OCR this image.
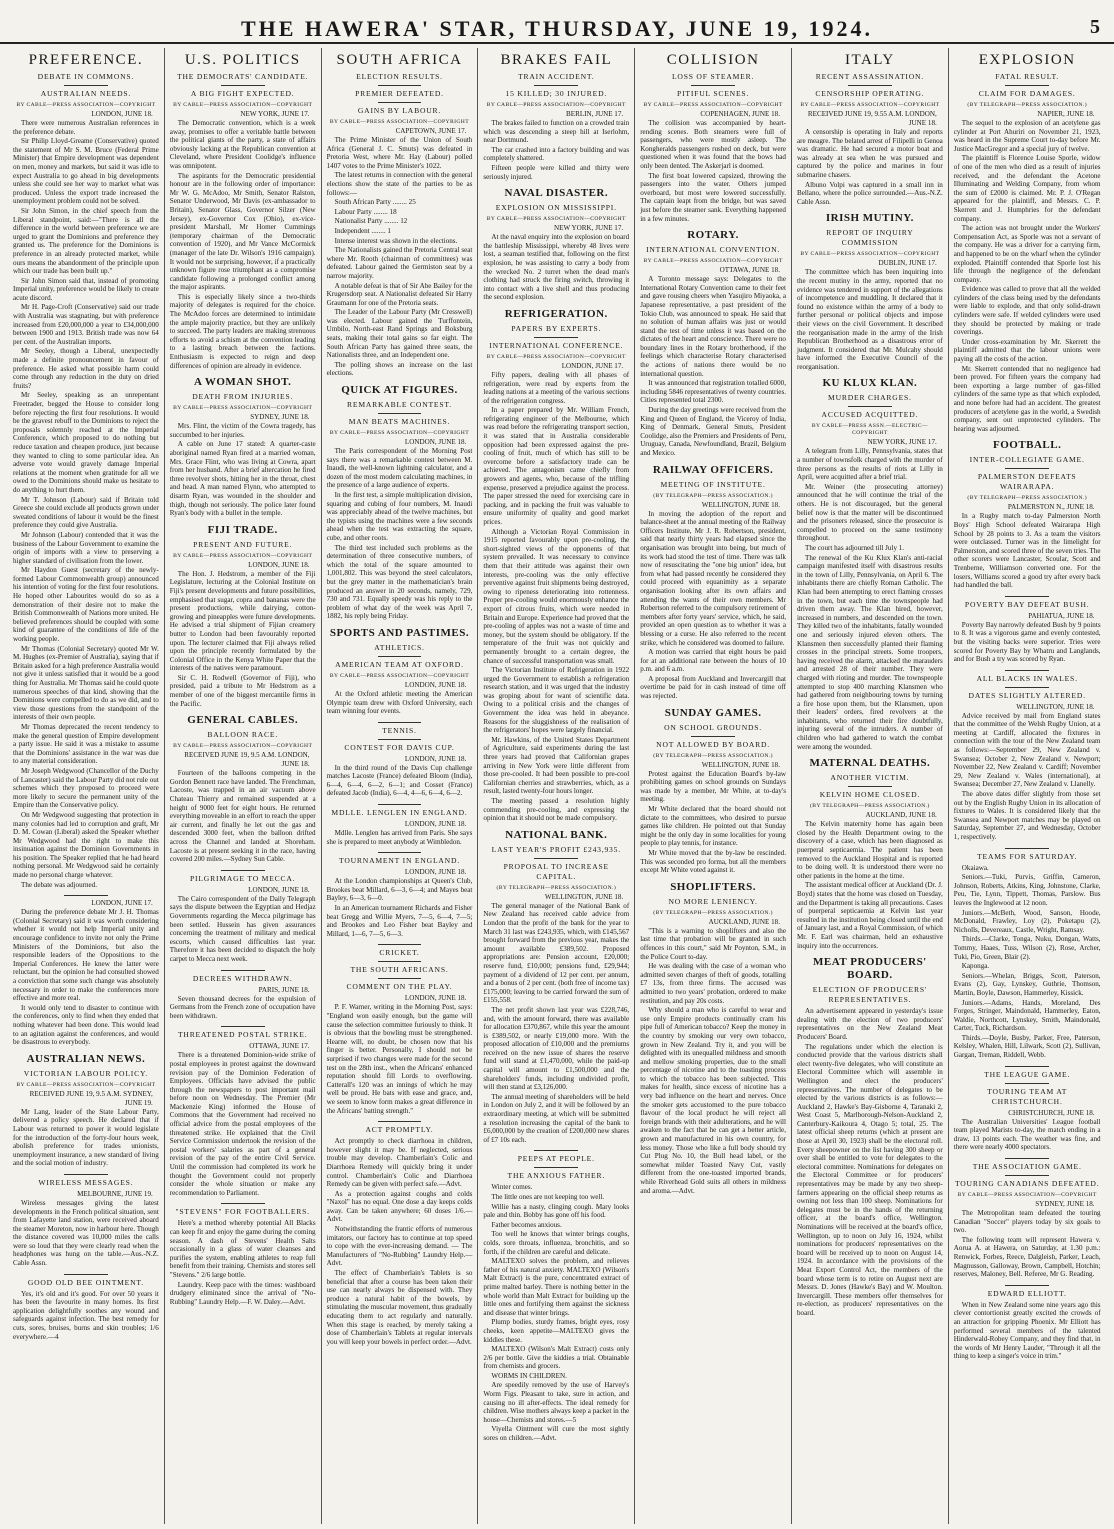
THE HAWERA' STAR, THURSDAY, JUNE 19, 1924.	5
PREFERENCE.
DEBATE IN COMMONS.
AUSTRALIAN NEEDS.
BY CABLE—PRESS ASSOCIATION—COPYRIGHT
LONDON, JUNE 18.

There were numerous Australian references in the preference debate.

Sir Philip Lloyd-Greame (Conservative) quoted the statement of Mr S. M. Bruce (Federal Prime Minister) that Empire development was dependent on men, money and markets, but said it was idle to expect Australia to go ahead in big developments unless she could see her way to market what was produced. Unless the export trade increased the unemployment problem could not be solved.

Sir John Simon, in the chief speech from the Liberal standpoint, said:—"There is all the difference in the world between preference we are urged to grant the Dominions and preference they granted us. The preference for the Dominions is preference in an already protected market, while ours means the abandonment of the principle upon which our trade has been built up."

Sir John Simon said that, instead of promoting Imperial unity, preference would be likely to create acute discord.

Mr H. Page-Croft (Conservative) said our trade with Australia was stagnating, but with preference increased from £20,000,000 a year to £34,000,000 between 1900 and 1913. British trade was now 64 per cent. of the Australian imports.

Mr Seeley, though a Liberal, unexpectedly made a definite pronouncement in favour of preference. He asked what possible harm could come through any reduction in the duty on dried fruits?

Mr Seeley, speaking as an unrepentant Freetrader, begged the House to consider long before rejecting the first four resolutions. It would be the gravest rebuff to the Dominions to reject the proposals solemnly reached at the Imperial Conference, which proposed to do nothing but reduce taxation and cheapen produce, just because they wanted to cling to some particular idea. An adverse vote would gravely damage Imperial relations at the moment when gratitude for all we owed to the Dominions should make us hesitate to do anything to hurt them.

Mr T. Johnson (Labour) said if Britain told Greece she could exclude all products grown under sweated conditions of labour it would be the finest preference they could give Australia.

Mr Johnson (Labour) contended that it was the business of the Labour Government to examine the origin of imports with a view to preserving a higher standard of civilisation from the lower.

Mr Haydon Guest (secretary of the newly-formed Labour Commonwealth group) announced his intention of voting for the first four resolutions. He hoped other Labourites would do so as a demonstration of their desire not to make the British Commonwealth of Nations more united. He believed preferences should be coupled with some kind of guarantee of the conditions of life of the working people.

Mr Thomas (Colonial Secretary) quoted Mr W. M. Hughes (ex-Premier of Australia), saying that if Britain asked for a high preference Australia would not give it unless satisfied that it would be a good thing for Australia. Mr Thomas said he could quote numerous speeches of that kind, showing that the Dominions were compelled to do as we did, and to view those questions from the standpoint of the interests of their own people.

Mr Thomas deprecated the recent tendency to make the general question of Empire development a party issue. He said it was a mistake to assume that the Dominions' assistance in the war was due to any material consideration.

Mr Joseph Wedgwood (Chancellor of the Duchy of Lancaster) said the Labour Party did not rule out schemes which they proposed to proceed were more likely to secure the permanent unity of the Empire than the Conservative policy.

On Mr Wedgwood suggesting that protection in many colonies had led to corruption and graft, Mr D. M. Cowan (Liberal) asked the Speaker whether Mr Wedgwood had the right to make this insinuation against the Dominion Governments in his position. The Speaker replied that he had heard nothing personal. Mr Wedgwood said he certainly made no personal charge whatever.

The debate was adjourned.

LONDON, JUNE 17.

During the preference debate Mr J. H. Thomas (Colonial Secretary) said it was worth considering whether it would not help Imperial unity and encourage confidence to invite not only the Prime Ministers of the Dominions, but also the responsible leaders of the Oppositions to the Imperial Conferences. He knew the latter were reluctant, but the opinion he had consulted showed a conviction that some such change was absolutely necessary in order to make the conferences more effective and more real.

It would only tend to disaster to continue with the conferences, only to find when they ended that nothing whatever had been done. This would lead to an agitation against the conferences, and would be disastrous to everybody.

AUSTRALIAN NEWS.
VICTORIAN LABOUR POLICY.
BY CABLE—PRESS ASSOCIATION—COPYRIGHT
RECEIVED JUNE 19, 9.5 A.M. SYDNEY, JUNE 19.

Mr Lang, leader of the State Labour Party, delivered a policy speech. He declared that if Labour was returned to power it would legislate for the introduction of the forty-four hours week, abolish preference for trades unionists, unemployment insurance, a new standard of living and the social motion of industry.

WIRELESS MESSAGES.
MELBOURNE, JUNE 19.

Wireless messages giving the latest developments in the French political situation, sent from Lafayette land station, were received aboard the steamer Moreton, now in harbour here. Though the distance covered was 10,000 miles the calls were so loud that they were clearly read when the headphones was hung on the table.—Aus.-N.Z. Cable Assn.

GOOD OLD BEE OINTMENT.

Yes, it's old and it's good. For over 50 years it has been the favourite in many homes. Its first application delightfully soothes any wound and safeguards against infection. The best remedy for cuts, sores, bruises, burns and skin troubles; 1/6 everywhere.—4

U.S. POLITICS
THE DEMOCRATS' CANDIDATE.
A BIG FIGHT EXPECTED.
BY CABLE—PRESS ASSOCIATION—COPYRIGHT
NEW YORK, JUNE 17.

The Democratic convention, which is a week away, promises to offer a veritable battle between the political giants of the party, a state of affairs obviously lacking at the Republican convention at Cleveland, where President Coolidge's influence was omnipotent.

The aspirants for the Democratic presidential honour are in the following order of importance: Mr W. G. McAdoo, Mr Smith, Senator Ralston, Senator Underwood, Mr Davis (ex-ambassador to Britain), Senator Glass, Governor Silzer (New Jersey), ex-Governor Cox (Ohio), ex-vice-president Marshall, Mr Homer Cummings (temporary chairman of the Democratic convention of 1920), and Mr Vance McCormick (manager of the late Dr. Wilson's 1916 campaign). It would not be surprising, however, if a practically unknown figure rose triumphant as a compromise candidate following a prolonged conflict among the major aspirants.

This is especially likely since a two-thirds majority of delegates is required for the choice. The McAdoo forces are determined to intimidate the ample majority practice, but they are unlikely to succeed. The party leaders are making strenuous efforts to avoid a schism at the convention leading to a lasting breach between the factions. Enthusiasm is expected to reign and deep differences of opinion are already in evidence.

A WOMAN SHOT.
DEATH FROM INJURIES.
BY CABLE—PRESS ASSOCIATION—COPYRIGHT
SYDNEY, JUNE 18.

Mrs. Flint, the victim of the Cowra tragedy, has succumbed to her injuries.

A cable on June 17 stated: A quarter-caste aboriginal named Ryan fired at a married woman, Mrs. Grace Flint, who was living at Cowra, apart from her husband. After a brief altercation he fired three revolver shots, hitting her in the throat, chest and head. A man named Flynn, who attempted to disarm Ryan, was wounded in the shoulder and thigh, though not seriously. The police later found Ryan's body with a bullet in the temple.

FIJI TRADE.
PRESENT AND FUTURE.
BY CABLE—PRESS ASSOCIATION—COPYRIGHT
LONDON, JUNE 18.

The Hon. J. Hedstrom, a member of the Fiji Legislature, lecturing at the Colonial Institute on Fiji's present developments and future possibilities, emphasised that sugar, copra and bananas were the present productions, while dairying, cotton-growing and pineapples were future developments. He advised a trial shipment of Fijian creamery butter to London had been favourably reported upon. The lecturer claimed that Fiji always relied upon the principle recently formulated by the Colonial Office in the Kenya White Paper that the interests of the natives were paramount.

Sir C. H. Rodwell (Governor of Fiji), who presided, paid a tribute to Mr Hedstrom as a member of one of the biggest mercantile firms in the Pacific.

GENERAL CABLES.
BALLOON RACE.
BY CABLE—PRESS ASSOCIATION—COPYRIGHT
RECEIVED JUNE 19, 9.5 A.M. LONDON, JUNE 18.

Fourteen of the balloons competing in the Gordon Bennett race have landed. The Frenchman, Lacoste, was trapped in an air vacuum above Chateau Thierry and remained suspended at a height of 9000 feet for eight hours. He returned everything moveable in an effort to reach the upper air current, and finally he let out the gas and descended 3000 feet, when the balloon drifted across the Channel and landed at Shoreham. Lacoste is at present seeking it in the race, having covered 200 miles.—Sydney Sun Cable.

PILGRIMAGE TO MECCA.
LONDON, JUNE 18.

The Cairo correspondent of the Daily Telegraph says the dispute between the Egyptian and Hedjaz Governments regarding the Mecca pilgrimage has been settled. Hussein has given assurances concerning the treatment of military and medical escorts, which caused difficulties last year. Therefore it has been decided to dispatch the holy carpet to Mecca next week.

DECREES WITHDRAWN.
PARIS, JUNE 18.

Seven thousand decrees for the expulsion of Germans from the French zone of occupation have been withdrawn.

THREATENED POSTAL STRIKE.
OTTAWA, JUNE 17.

There is a threatened Dominion-wide strike of postal employees in protest against the downward revision pay of the Dominion Federation of Employees. Officials have advised the public through the newspapers to post important mail before noon on Wednesday. The Premier (Mr Mackenzie King) informed the House of Commons that the Government had received no official advice from the postal employees of the threatened strike. He explained that the Civil Service Commission undertook the revision of the postal workers' salaries as part of a general revision of the pay of the entire Civil Service. Until the commission had completed its work he thought the Government could not properly consider the whole situation or make any recommendation to Parliament.

"STEVENS" FOR FOOTBALLERS.

Here's a method whereby potential All Blacks can keep fit and enjoy the game during the coming season. A dash of Stevens' Health Salts occasionally in a glass of water cleanses and purifies the system, enabling athletes to reap full benefit from their training. Chemists and stores sell "Stevens." 2/6 large bottle.

Laundry. Keep pace with the times: washboard drudgery eliminated since the arrival of "No-Rubbing" Laundry Help.—F. W. Daley.—Advt.

SOUTH AFRICA
ELECTION RESULTS.
PREMIER DEFEATED.
GAINS BY LABOUR.
BY CABLE—PRESS ASSOCIATION—COPYRIGHT
CAPETOWN, JUNE 17.

The Prime Minister of the Union of South Africa (General J. C. Smuts) was defeated in Pretoria West, where Mr. Hay (Labour) polled 1407 votes to the Prime Minister's 1022.

The latest returns in connection with the general elections show the state of the parties to be as follows:—

South African Party ........ 25

Labour Party ........ 18

Nationalist Party ........ 12

Independent ........ 1

Intense interest was shown in the elections.

The Nationalists gained the Pretoria Central seat where Mr. Rooth (chairman of committees) was defeated. Labour gained the Germiston seat by a narrow majority.

A notable defeat is that of Sir Abe Bailey for the Krugersdorp seat. A Nationalist defeated Sir Harry Graumann for one of the Pretoria seats.

The Leader of the Labour Party (Mr Cresswell) was elected. Labour gained the Turffontein, Umbilo, North-east Rand Springs and Boksburg seats, making their total gains so far eight. The South African Party has gained three seats, the Nationalists three, and an Independent one.

The polling shows an increase on the last elections.

QUICK AT FIGURES.
REMARKABLE CONTEST.
MAN BEATS MACHINES.
BY CABLE—PRESS ASSOCIATION—COPYRIGHT
LONDON, JUNE 18.

The Paris correspondent of the Morning Post says there was a remarkable contest between M. Inaudi, the well-known lightning calculator, and a dozen of the most modern calculating machines, in the presence of a large audience of experts.

In the first test, a simple multiplication division, squaring and cubing of four numbers, M. Inaudi was appreciably ahead of the twelve machines, but the typists using the machines were a few seconds ahead when the test was extracting the square, cube, and other roots.

The third test included such problems as the determination of three consecutive numbers, of which the total of the square amounted to 1,001,802. This was beyond the steel calculators, but the grey matter in the mathematician's brain produced an answer in 20 seconds, namely, 729, 730 and 731. Equally speedy was his reply to the problem of what day of the week was April 7, 1882, his reply being Friday.

SPORTS AND PASTIMES.
ATHLETICS.
AMERICAN TEAM AT OXFORD.
BY CABLE—PRESS ASSOCIATION—COPYRIGHT
LONDON, JUNE 18.

At the Oxford athletic meeting the American Olympic team drew with Oxford University, each team winning four events.

TENNIS.
CONTEST FOR DAVIS CUP.
LONDON, JUNE 18.

In the third round of the Davis Cup challenge matches Lacoste (France) defeated Bloom (India), 6—4, 6—4, 6—2, 6—1; and Cosset (France) defeated Jacob (India), 6—4, 4—6, 6—4, 6—2.

MDLLE. LENGLEN IN ENGLAND.
LONDON, JUNE 18.

Mdlle. Lenglen has arrived from Paris. She says she is prepared to meet anybody at Wimbledon.

TOURNAMENT IN ENGLAND.
LONDON, JUNE 18.

At the London championships at Queen's Club, Brookes beat Millard, 6—3, 6—4; and Mayes beat Bayley, 6—3, 6—0.

In an American tournament Richards and Fisher beat Gregg and Willie Myers, 7—5, 6—4, 7—5; and Brookes and Leo Fisher beat Bayley and Millard, 1—6, 7—5, 6—3.

CRICKET.
THE SOUTH AFRICANS.
COMMENT ON THE PLAY.
LONDON, JUNE 18.

P. F. Warner, writing in the Morning Post, says: "England won easily enough, but the game will cause the selection committee furiously to think. It is obvious that the bowling must be strengthened. Hearne will, no doubt, be chosen now that his finger is better. Personally, I should not be surprised if two changes were made for the second test on the 28th inst., when the Africans' enhanced reputation should fill Lords to overflowing. Catterall's 120 was an innings of which he may well be proud. He bats with ease and grace, and, we seem to know form makes a great difference in the Africans' batting strength."

ACT PROMPTLY.

Act promptly to check diarrhoea in children, however slight it may be. If neglected, serious trouble may develop. Chamberlain's Colic and Diarrhoea Remedy will quickly bring it under control. Chamberlain's Colic and Diarrhoea Remedy can be given with perfect safe.—Advt.

As a protection against coughs and colds "Naxol" has no equal. One dose a day keeps colds away. Can be taken anywhere; 60 doses 1/6.—Advt.

Notwithstanding the frantic efforts of numerous imitators, our factory has to continue at top speed to cope with the ever-increasing demand. — The Manufacturers of "No-Rubbing" Laundry Help.—Advt.

The effect of Chamberlain's Tablets is so beneficial that after a course has been taken their use can nearly always be dispensed with. They produce a natural habit of the bowels, by stimulating the muscular movement, thus gradually educating them to act regularly and naturally. When this stage is reached, by merely taking a dose of Chamberlain's Tablets at regular intervals you will keep your bowels in perfect order.—Advt.

BRAKES FAIL
TRAIN ACCIDENT.
15 KILLED; 30 INJURED.
BY CABLE—PRESS ASSOCIATION—COPYRIGHT
BERLIN, JUNE 17.

The brakes failed to function on a crowded train which was descending a steep hill at Iserlohm, near Dortmund.

The car crashed into a factory building and was completely shattered.

Fifteen people were killed and thirty were seriously injured.

NAVAL DISASTER.
EXPLOSION ON MISSISSIPPI.
BY CABLE—PRESS ASSOCIATION—COPYRIGHT
NEW YORK, JUNE 17.

At the naval enquiry into the explosion on board the battleship Mississippi, whereby 48 lives were lost, a seaman testified that, following on the first explosion, he was assisting to carry a body from the wrecked No. 2 turret when the dead man's clothing had struck the firing switch, throwing it into contact with a live shell and thus producing the second explosion.

REFRIGERATION.
PAPERS BY EXPERTS.
INTERNATIONAL CONFERENCE.
BY CABLE—PRESS ASSOCIATION—COPYRIGHT
LONDON, JUNE 17.

Fifty papers, dealing with all phases of refrigeration, were read by experts from the leading nations at a meeting of the various sections of the refrigeration congress.

In a paper prepared by Mr. William French, refrigerating engineer of the Melbourne, which was read before the refrigerating transport section, it was stated that in Australia considerable opposition had been expressed against the pre-cooling of fruit, much of which has still to be overcome before a satisfactory trade can be achieved. The antagonism came chiefly from growers and agents, who, because of the trifling expense, preserved a prejudice against the process. The paper stressed the need for exercising care in packing, and in packing the fruit was valuable to ensure uniformity of quality and good market prices.

Although a Victorian Royal Commission in 1915 reported favourably upon pre-cooling, the short-sighted views of the opponents of that system prevailed. It was necessary to convince them that their attitude was against their own interests, pre-cooling was the only effective preventive against fruit shipments being destroyed, owing to ripeness deteriorating into rottenness. Proper pre-cooling would enormously enhance the export of citrous fruits, which were needed in Britain and Europe. Experience had proved that the pre-cooling of apples was not a waste of time and money, but the system should be obligatory. If the temperature of the fruit was not quickly and permanently brought to a certain degree, the chance of successful transportation was small.

The Victorian Institute of Refrigeration in 1922 urged the Government to establish a refrigeration research station, and it was urged that the industry was groping about for want of scientific data. Owing to a political crisis and the changes of Government the idea was held in abeyance. Reasons for the sluggishness of the realisation of the refrigerators' hopes were largely financial.

Mr. Hawkins, of the United States Department of Agriculture, said experiments during the last three years had proved that Californian grapes arriving in New York were little different from those pre-cooled. It had been possible to pre-cool Californian cherries and strawberries, which, as a result, lasted twenty-four hours longer.

The meeting passed a resolution highly commending pre-cooling, and expressing the opinion that it should not be made compulsory.

NATIONAL BANK.
LAST YEAR'S PROFIT £243,935.
PROPOSAL TO INCREASE CAPITAL.
(BY TELEGRAPH—PRESS ASSOCIATION.)
WELLINGTON, JUNE 18.

The general manager of the National Bank of New Zealand has received cable advice from London that the profit of the bank for the year to March 31 last was £243,935, which, with £145,567 brought forward from the previous year, makes the amount available £389,502. Proposed appropriations are: Pension account, £20,000; reserve fund, £10,000; pensions fund, £29,944; payment of a dividend of 12 per cent. per annum, and a bonus of 2 per cent. (both free of income tax) £175,000; leaving to be carried forward the sum of £155,558.

The net profit shown last year was £228,746, and, with the amount forward, there was available for allocation £370,867, while this year the amount is £389,502, or nearly £19,000 more. With the proposed allocation of £10,000 and the premiums received on the new issue of shares the reserve fund will stand at £1,470,000, while the paid-up capital will amount to £1,500,000 and the shareholders' funds, including undivided profit, will then stand at £3,126,000.

The annual meeting of shareholders will be held in London on July 2, and it will be followed by an extraordinary meeting, at which will be submitted a resolution increasing the capital of the bank to £6,000,000 by the creation of £200,000 new shares of £7 10s each.

PEEPS AT PEOPLE.
THE ANXIOUS FATHER.

Winter comes.

The little ones are not keeping too well.

Willie has a nasty, clinging cough. Mary looks pale and thin. Bobby has gone off his food.

Father becomes anxious.

Too well he knows that winter brings coughs, colds, sore throats, influenza, bronchitis, and so forth, if the children are careful and delicate.

MALTEXO solves the problem, and relieves father of his natural anxiety. MALTEXO (Wilson's Malt Extract) is the pure, concentrated extract of prime malted barley. There is nothing better in the whole world than Malt Extract for building up the little ones and fortifying them against the sickness and disease that winter brings.

Plump bodies, sturdy frames, bright eyes, rosy cheeks, keen appetite—MALTEXO gives the kiddies these.

MALTEXO (Wilson's Malt Extract) costs only 2/6 per bottle. Give the kiddies a trial. Obtainable from chemists and grocers.

WORMS IN CHILDREN.

Are speedily removed by the use of Harvey's Worm Figs. Pleasant to take, sure in action, and causing no ill after-effects. The ideal remedy for children. Wise mothers always keep a packet in the house—Chemists and stores.—5

Viyella Ointment will cure the most sightly sores on children.—Advt.

COLLISION
LOSS OF STEAMER.
PITIFUL SCENES.
BY CABLE—PRESS ASSOCIATION—COPYRIGHT
COPENHAGEN, JUNE 18.

The collision was accompanied by heart-rending scenes. Both steamers were full of passengers, who were mostly asleep. The Kongheralds passengers rushed on deck, but were questioned when it was found that the bows had only been dented. The Askerjarl is doomed.

The first boat lowered capsized, throwing the passengers into the water. Others jumped overboard, but most were lowered successfully. The captain leapt from the bridge, but was saved just before the steamer sank. Everything happened in a few minutes.

ROTARY.
INTERNATIONAL CONVENTION.
BY CABLE—PRESS ASSOCIATION—COPYRIGHT
OTTAWA, JUNE 18.

A Toronto message says: Delegates to the International Rotary Convention came to their feet and gave rousing cheers when Yasujiro Miyaoka, a Japanese representative, a past president of the Tokio Club, was announced to speak. He said that no solution of human affairs was just or would stand the test of time unless it was based on the dictates of the heart and conscience. There were no boundary lines in the Rotary brotherhood, if the feelings which characterise Rotary characterised the actions of nations there would be no international question.

It was announced that registration totalled 6000, including 5846 representatives of twenty countries. Cities represented total 2300.

During the day greetings were received from the King and Queen of England, the Viceroy of India, King of Denmark, General Smuts, President Coolidge, also the Premiers and Presidents of Peru, Uruguay, Canada, Newfoundland, Brazil, Belgium and Mexico.

RAILWAY OFFICERS.
MEETING OF INSTITUTE.
(BY TELEGRAPH—PRESS ASSOCIATION.)
WELLINGTON, JUNE 18.

In moving the adoption of the report and balance-sheet at the annual meeting of the Railway Officers Institute, Mr J. R. Robertson, president, said that nearly thirty years had elapsed since the organisation was brought into being, but much of its work had stood the test of time. There was talk now of resuscitating the "one big union" idea, but from what had passed recently he considered they could proceed with equanimity as a separate organisation looking after its own affairs and attending the wants of their own members. Mr Robertson referred to the compulsory retirement of members after forty years' service, which, he said, provided an open question as to whether it was a blessing or a curse. He also referred to the recent strike, which he considered was doomed to failure.

A motion was carried that eight hours be paid for at an additional rate between the hours of 10 p.m. and 6 a.m.

A proposal from Auckland and Invercargill that overtime be paid for in cash instead of time off was rejected.

SUNDAY GAMES.
ON SCHOOL GROUNDS.
NOT ALLOWED BY BOARD.
(BY TELEGRAPH—PRESS ASSOCIATION.)
WELLINGTON, JUNE 18.

Protest against the Education Board's by-law prohibiting games on school grounds on Sundays was made by a member, Mr White, at to-day's meeting.

Mr White declared that the board should not dictate to the committees, who desired to pursue games like children. He pointed out that Sunday might be the only day in some localities for young people to play tennis, for instance.

Mr White moved that the by-law be rescinded. This was seconded pro forma, but all the members except Mr White voted against it.

SHOPLIFTERS.
NO MORE LENIENCY.
(BY TELEGRAPH—PRESS ASSOCIATION.)
AUCKLAND, JUNE 18.

"This is a warning to shoplifters and also the last time that probation will be granted in such offences in this court," said Mr Poynton, S.M., in the Police Court to-day.

He was dealing with the case of a woman who admitted seven charges of theft of goods, totalling £7 13s, from three firms. The accused was admitted to two years' probation, ordered to make restitution, and pay 20s costs.

Why should a man who is careful to wear and use only Empire products continually cram his pipe full of American tobacco? Keep the money in the country by smoking our very own tobacco, grown in New Zealand. Try it, and you will be delighted with its unequalled mildness and smooth and mellow smoking properties, due to the small percentage of nicotine and to the toasting process to which the tobacco has been subjected. This makes for health, since excess of nicotine has a very bad influence on the heart and nerves. Once the smoker gets accustomed to the pure tobacco flavour of the local product he will reject all foreign brands with their adulterations, and he will awaken to the fact that he can get a better article, grown and manufactured in his own country, for less money. Those who like a full body should try Cut Plug No. 10, the Bull head label, or the somewhat milder Toasted Navy Cut, vastly different from the one-toasted imported brands, while Riverhead Gold suits all others in mildness and aroma.—Advt.

ITALY
RECENT ASSASSINATION.
CENSORSHIP OPERATING.
BY CABLE—PRESS ASSOCIATION—COPYRIGHT
RECEIVED JUNE 19, 9.55 A.M. LONDON, JUNE 18.

A censorship is operating in Italy and reports are meagre. The belated arrest of Filipelli in Genoa was dramatic. He had secured a motor boat and was already at sea when he was pursued and captured by the police and marines in four submarine chasers.

Albuno Volpi was captured in a small inn in Bellano, where the police surrounded.—Aus.-N.Z. Cable Assn.

IRISH MUTINY.
REPORT OF INQUIRY COMMISSION
BY CABLE—PRESS ASSOCIATION—COPYRIGHT
DUBLIN, JUNE 17.

The committee which has been inquiring into the recent mutiny in the army, reported that no evidence was tendered in support of the allegations of incompetence and muddling. It declared that it found no existence within the army of a body to further personal or political objects and impose their views on the civil Government. It described the reorganisation made in the army of the Irish Republican Brotherhood as a disastrous error of judgment. It considered that Mr. Mulcahy should have informed the Executive Council of the reorganisation.

KU KLUX KLAN.
MURDER CHARGES.
ACCUSED ACQUITTED.
BY CABLE—PRESS ASSN.—ELECTRIC—COPYRIGHT
NEW YORK, JUNE 17.

A telegram from Lilly, Pennsylvania, states that a number of townsfolk charged with the murder of three persons as the results of riots at Lilly in April, were acquitted after a brief trial.

Mr. Weiner (the prosecuting attorney) announced that he will continue the trial of the others. He is not discouraged, but the general belief now is that the matter will be discontinued and the prisoners released, since the prosecutor is compelled to proceed on the same testimony throughout.

The court has adjourned till July 1.

The renewal of the Ku Klux Klan's anti-racial campaign manifested itself with disastrous results in the town of Lilly, Pennsylvania, on April 6. The inhabitants there are chiefly Roman Catholic. The Klan had been attempting to erect flaming crosses in the town, but each time the townspeople had driven them away. The Klan hired, however, increased in numbers, and descended on the town. They killed two of the inhabitants, fatally wounded one and seriously injured eleven others. The Klansmen then successfully planted their flaming crosses in the principal streets. Some troopers, having received the alarm, attacked the marauders and arrested 28 of their number. They were charged with rioting and murder. The townspeople attempted to stop 400 marching Klansmen who had gathered from neighbouring towns by turning a fire hose upon them, but the Klansmen, upon their leaders' orders, fired revolvers at the inhabitants, who returned their fire doubtfully, injuring several of the intruders. A number of children who had gathered to watch the combat were among the wounded.

MATERNAL DEATHS.
ANOTHER VICTIM.
KELVIN HOME CLOSED.
(BY TELEGRAPH—PRESS ASSOCIATION.)
AUCKLAND, JUNE 18.

The Kelvin maternity home has again been closed by the Health Department owing to the discovery of a case, which has been diagnosed as puerperal septicaemia. The patient has been removed to the Auckland Hospital and is reported to be doing well. It is understood there were no other patients in the home at the time.

The assistant medical officer at Auckland (Dr. J. Boyd) states that the home was closed on Tuesday, and the Department is taking all precautions. Cases of puerperal septicaemia at Kelvin last year resulted in the institution being closed until the end of January last, and a Royal Commission, of which Mr. F. Earl was chairman, held an exhaustive inquiry into the occurrences.

MEAT PRODUCERS' BOARD.
ELECTION OF PRODUCERS' REPRESENTATIVES.

An advertisement appeared in yesterday's issue dealing with the election of two producers' representatives on the New Zealand Meat Producers' Board.

The regulations under which the election is conducted provide that the various districts shall elect twenty-five delegates, who will constitute an Electoral Committee which will assemble in Wellington and elect the producers' representatives. The number of delegates to be elected by the various districts is as follows:—Auckland 2, Hawke's Bay-Gisborne 4, Taranaki 2, West Coast 5, Marlborough-Nelson-Auckland 2, Canterbury-Kaikoura 4, Otago 5; total, 25. The latest official sheep returns (which at present are those at April 30, 1923) shall be the electoral roll. Every sheepowner on the list having 300 sheep or over shall be entitled to vote for delegates to the electoral committee. Nominations for delegates on the Electoral Committee or for producers' representatives may be made by any two sheep-farmers appearing on the official sheep returns as owning not less than 100 sheep. Nominations for delegates must be in the hands of the returning officer, at the board's office, Wellington. Nominations will be received at the board's office, Wellington, up to noon on July 16, 1924, whilst nominations for producers' representatives on the board will be received up to noon on August 14, 1924. In accordance with the provisions of the Meat Export Control Act, the members of the board whose term is to retire on August next are Messrs. D. Jones (Hawke's Bay) and W. Moulton. Invercargill. These members offer themselves for re-election, as producers' representatives on the board.

EXPLOSION
FATAL RESULT.
CLAIM FOR DAMAGES.
(BY TELEGRAPH—PRESS ASSOCIATION.)
NAPIER, JUNE 18.

The sequel to the explosion of an acetylene gas cylinder at Port Ahuriri on November 21, 1923, was heard in the Supreme Court to-day before Mr. Justice MacGregor and a special jury of twelve.

The plaintiff is Florence Louise Sporle, widow of one of the men who died as a result of injuries received, and the defendant the Acetone Illuminating and Welding Company, from whom the sum of £2000 is claimed. Mr. P. J. O'Regan appeared for the plaintiff, and Messrs. C. P. Skerrett and J. Humphries for the defendant company.

The action was not brought under the Workers' Compensation Act, as Sporle was not a servant of the company. He was a driver for a carrying firm, and happened to be on the wharf when the cylinder exploded. Plaintiff contended that Sporle lost his life through the negligence of the defendant company.

Evidence was called to prove that all the welded cylinders of the class being used by the defendants were liable to explode, and that only solid-drawn cylinders were safe. If welded cylinders were used they should be protected by making or trade coverings.

Under cross-examination by Mr. Skerrett the plaintiff admitted that the labour unions were paying all the costs of the action.

Mr. Skerrett contended that no negligence had been proved. For fifteen years the company had been exporting a large number of gas-filled cylinders of the same type as that which exploded, and none before had had an accident. The greatest producers of acetylene gas in the world, a Swedish company, sent out unprotected cylinders. The hearing was adjourned.

FOOTBALL.
INTER-COLLEGIATE GAME.
PALMERSTON DEFEATS WAIRARAPA.
(BY TELEGRAPH—PRESS ASSOCIATION.)
PALMERSTON N., JUNE 18.

In a Rugby match to-day Palmerston North Boys' High School defeated Wairarapa High School by 28 points to 3. As a team the visitors were outclassed. Turner was in the limelight for Palmerston, and scored three of the seven tries. The other scorers were Lancaster, Scoular, Scott and Trenberne, Williamson converted one. For the losers, Williams scored a good try after every back had handled the ball.

POVERTY BAY DEFEAT BUSH.
PAHIATUA, JUNE 18.

Poverty Bay narrowly defeated Bush by 9 points to 8. It was a vigorous game and evenly contested, but the visiting backs were superior. Tries were scored for Poverty Bay by Whatru and Langlands, and for Bush a try was scored by Ryan.

ALL BLACKS IN WALES.
DATES SLIGHTLY ALTERED.
WELLINGTON, JUNE 18.

Advice received by mail from England states that the committee of the Welsh Rugby Union, at a meeting at Cardiff, allocated the fixtures in connection with the tour of the New Zealand team as follows:—September 29, New Zealand v. Swansea; October 2, New Zealand v. Newport; November 22, New Zealand v. Cardiff; November 29, New Zealand v. Wales (international), at Swansea; December 27, New Zealand v. Llanelly.

The above dates differ slightly from those set out by the English Rugby Union in its allocation of fixtures to Wales. It is considered likely that the Swansea and Newport matches may be played on Saturday, September 27, and Wednesday, October 1, respectively.

TEAMS FOR SATURDAY.

Okaiawa.

Seniors.—Tuki, Purvis, Griffin, Cameron, Johnson, Roberts, Atkins, King, Johnstone, Clarke, Peu, Tie, Lynn, Tippett, Thomas, Parslow. Bus leaves the Inglewood at 12 noon.

Juniors.—McBeth, Wood, Sanson, Hoode, McDonald, Frawley, Loy (2), Poketapu (2), Nicholls, Devereaux, Castle, Wright, Ramsay.

Thirds.—Clarke, Tonga, Nuku, Dongan, Watts, Tommy, Haaes, Tuss, Wilson (2), Rose, Archer, Tuki, Pio, Green, Blair (2).

Kaponga.

Seniors.—Whelan, Briggs, Scott, Paterson, Evans (2), Gay, Lynskey, Guthrie, Thomson, Martin, Boyle, Dawson, Hammerley, Kissick.

Juniors.—Adams, Hands, Moreland, Des Forges, Stringer, Maindonald, Hammerley, Eaton, Waldie, Northcott, Lynskey, Smith, Maindonald, Carter, Tuck, Richardson.

Thirds.—Doyle, Busby, Parker, Free, Paterson, Kelsley, Whalen, Hill, Lilwark, Scott (2), Sullivan, Gargan, Treman, Riddell, Webb.

THE LEAGUE GAME.
TOURING TEAM AT CHRISTCHURCH.
CHRISTCHURCH, JUNE 18.

The Australian Universities' League football team played Marists to-day, the match ending in a draw, 13 points each. The weather was fine, and there were nearly 4000 spectators.

THE ASSOCIATION GAME.
TOURING CANADIANS DEFEATED.
BY CABLE—PRESS ASSOCIATION—COPYRIGHT
SYDNEY, JUNE 18.

The Metropolitan team defeated the touring Canadian "Soccer" players today by six goals to two.

The following team will represent Hawera v. Aorua A. at Hawera, on Saturday, at 1.30 p.m.: Renwick, Forbes, Reece, Dalgleish, Parker, Leach, Magnusson, Galloway, Brown, Campbell, Hotchin; reserves, Maloney, Bell. Referee, Mr G. Reading.

EDWARD ELLIOTT.

When in New Zealand some nine years ago this clever contortionist greatly excited the crowds of an attraction for gripping Phoenix. Mr Elliott has performed several members of the talented Hinderwald-Robey Company, and they find that, in the words of Mr Henry Lauder, "Through it all the thing to keep a singer's voice in trim."
